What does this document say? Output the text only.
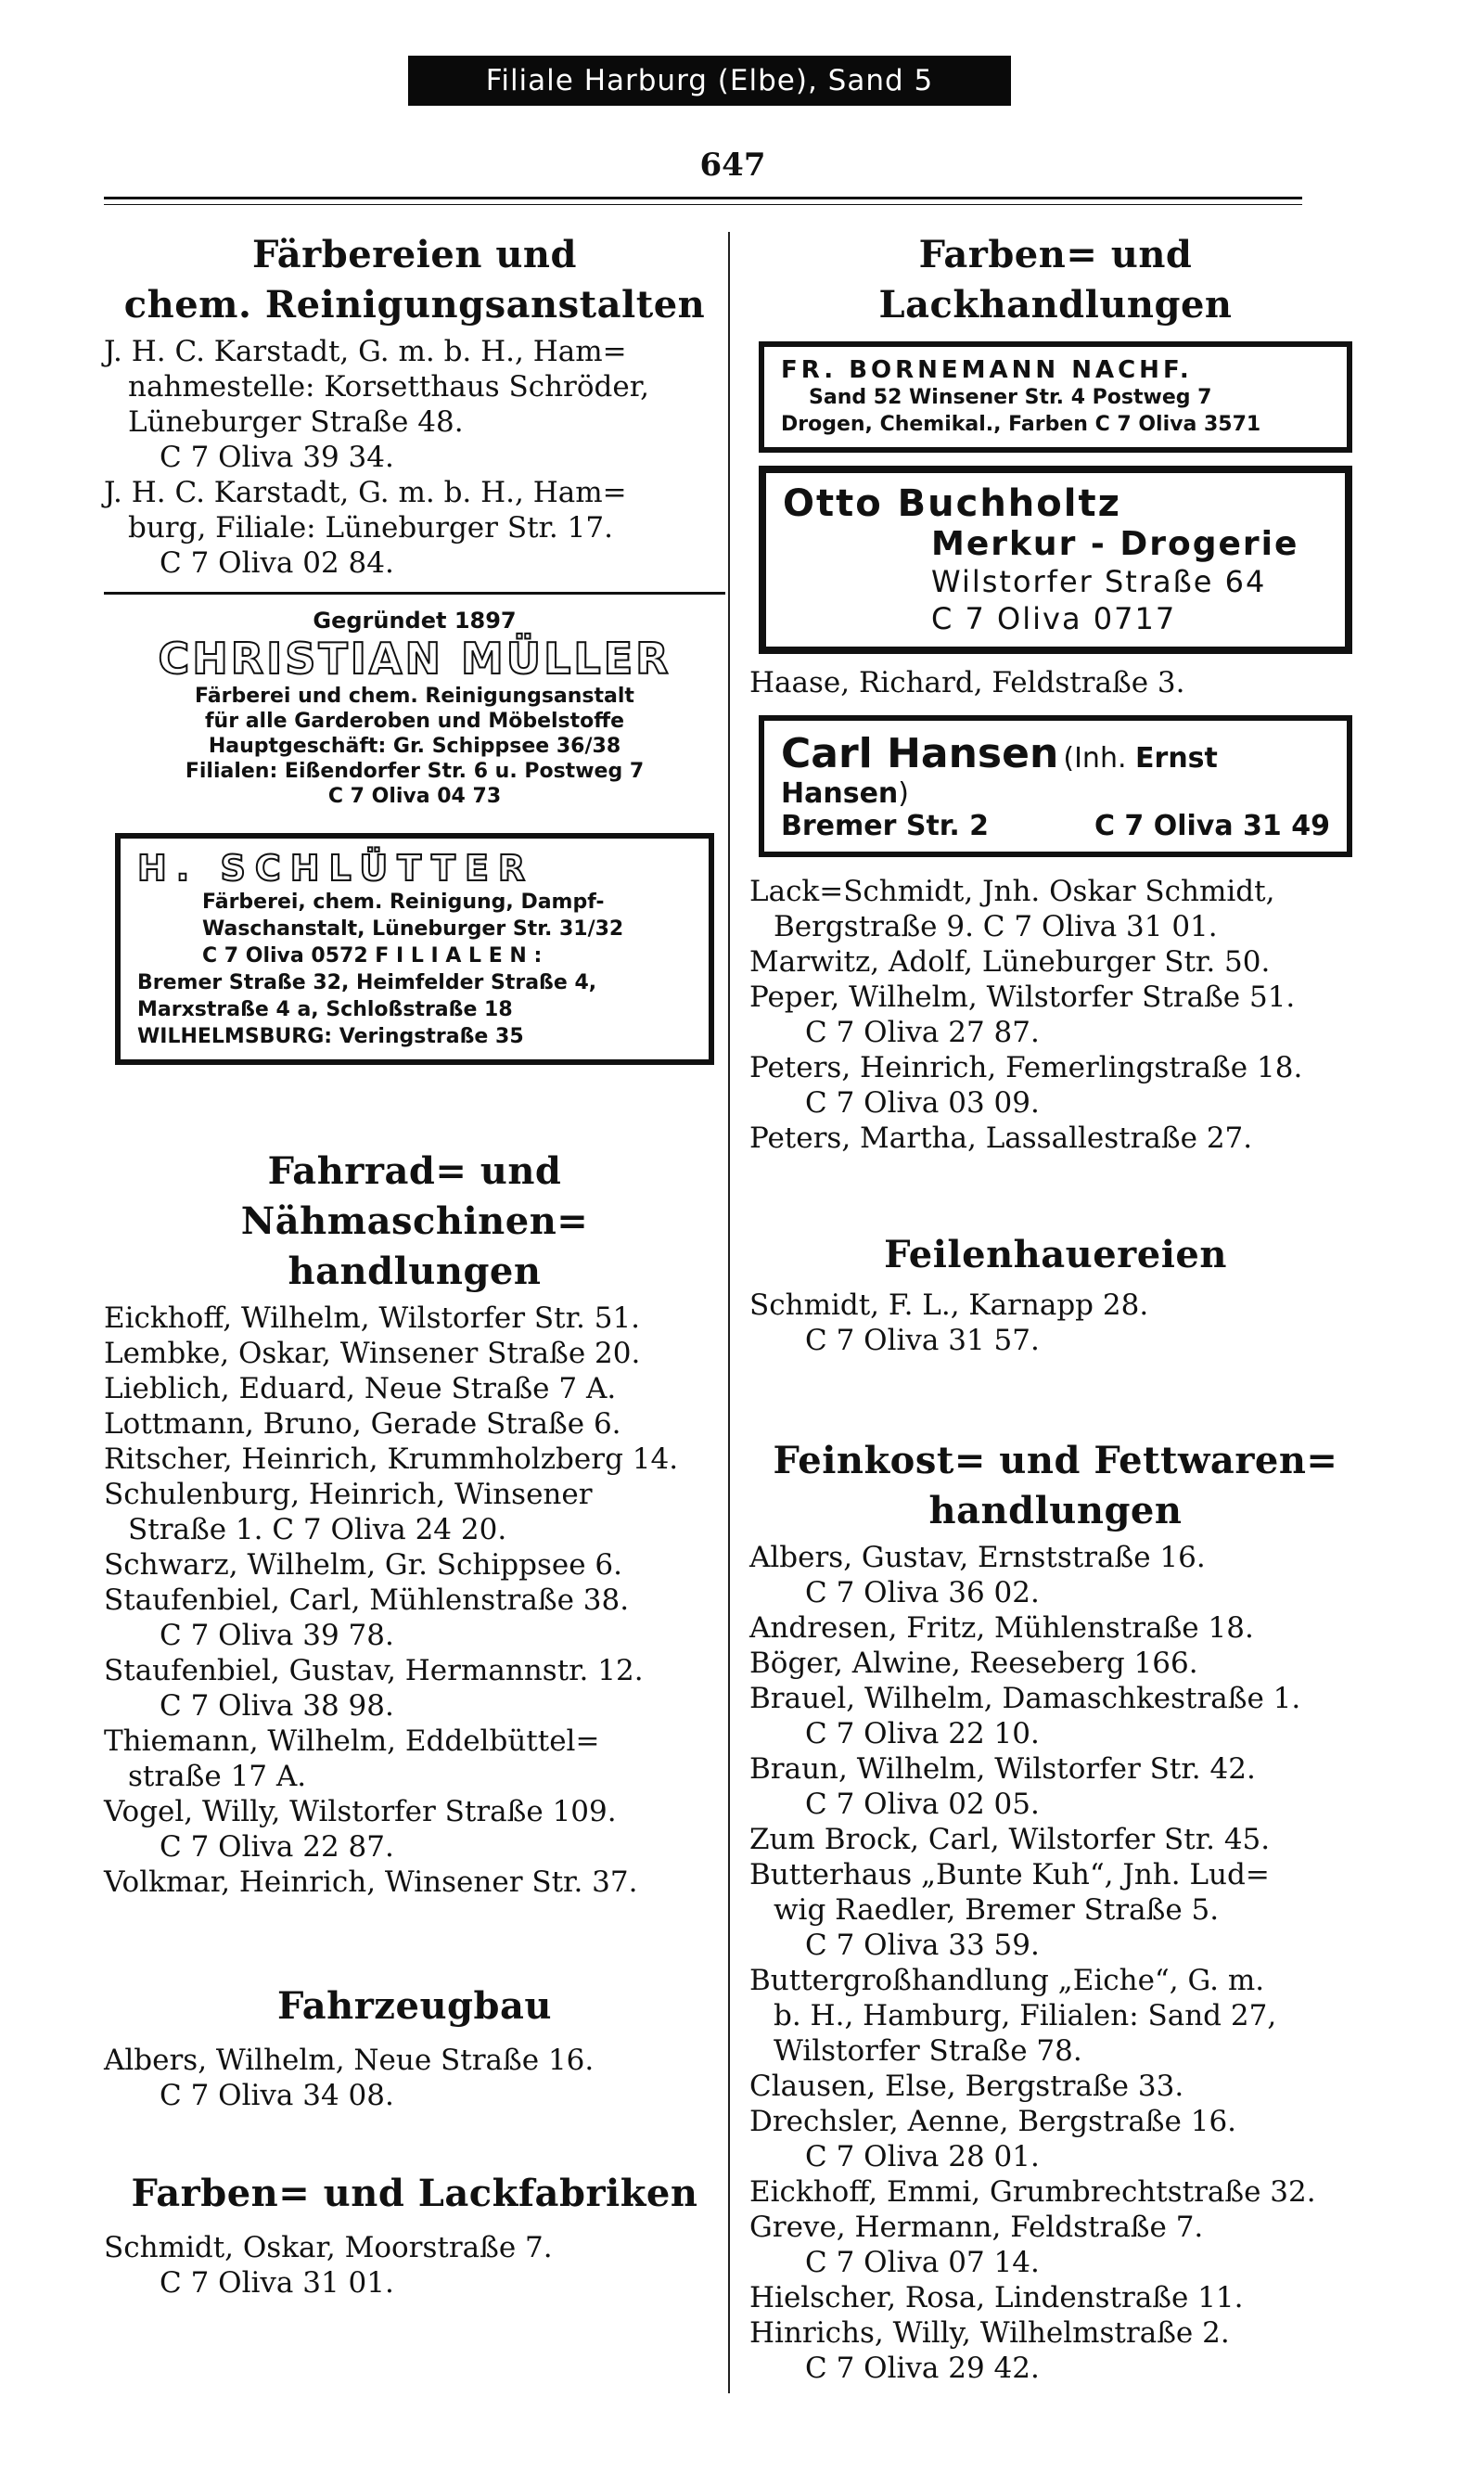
Filiale Harburg (Elbe), Sand 5
647

Färbereien und

chem. Reinigungsanstalten

J. H. C. Karstadt, G. m. b. H., Ham=
nahmestelle: Korsetthaus Schröder,
Lüneburger Straße 48.

C 7 Oliva 39 34.

J. H. C. Karstadt, G. m. b. H., Ham=
burg, Filiale: Lüneburger Str. 17.

C 7 Oliva 02 84.

Gegründet 1897
CHRISTIAN MÜLLER
Färberei und chem. Reinigungsanstalt
für alle Garderoben und Möbelstoffe
Hauptgeschäft: Gr. Schippsee 36/38
Filialen: Eißendorfer Str. 6 u. Postweg 7
C 7 Oliva 04 73
H. SCHLÜTTER
Färberei, chem. Reinigung, Dampf-
Waschanstalt, Lüneburger Str. 31/32
C 7 Oliva 0572 F I L I A L E N :
Bremer Straße 32, Heimfelder Straße 4,
Marxstraße 4 a, Schloßstraße 18
WILHELMSBURG: Veringstraße 35

Fahrrad= und Nähmaschinen=

handlungen

Eickhoff, Wilhelm, Wilstorfer Str. 51.

Lembke, Oskar, Winsener Straße 20.

Lieblich, Eduard, Neue Straße 7 A.

Lottmann, Bruno, Gerade Straße 6.

Ritscher, Heinrich, Krummholzberg 14.

Schulenburg, Heinrich, Winsener
Straße 1. C 7 Oliva 24 20.

Schwarz, Wilhelm, Gr. Schippsee 6.

Staufenbiel, Carl, Mühlenstraße 38.

C 7 Oliva 39 78.

Staufenbiel, Gustav, Hermannstr. 12.

C 7 Oliva 38 98.

Thiemann, Wilhelm, Eddelbüttel=
straße 17 A.

Vogel, Willy, Wilstorfer Straße 109.

C 7 Oliva 22 87.

Volkmar, Heinrich, Winsener Str. 37.

Fahrzeugbau

Albers, Wilhelm, Neue Straße 16.

C 7 Oliva 34 08.

Farben= und Lackfabriken

Schmidt, Oskar, Moorstraße 7.

C 7 Oliva 31 01.

Farben= und Lackhandlungen

FR. BORNEMANN NACHF.
Sand 52 Winsener Str. 4 Postweg 7
Drogen, Chemikal., Farben C 7 Oliva 3571
Otto Buchholtz
Merkur - Drogerie
Wilstorfer Straße 64
C 7 Oliva 0717

Haase, Richard, Feldstraße 3.

Carl Hansen (Inh. Ernst Hansen)
Bremer Str. 2	C 7 Oliva 31 49
Lack=Schmidt, Jnh. Oskar Schmidt,
Bergstraße 9. C 7 Oliva 31 01.

Marwitz, Adolf, Lüneburger Str. 50.

Peper, Wilhelm, Wilstorfer Straße 51.

C 7 Oliva 27 87.

Peters, Heinrich, Femerlingstraße 18.

C 7 Oliva 03 09.

Peters, Martha, Lassallestraße 27.

Feilenhauereien

Schmidt, F. L., Karnapp 28.

C 7 Oliva 31 57.

Feinkost= und Fettwaren=

handlungen

Albers, Gustav, Ernststraße 16.

C 7 Oliva 36 02.

Andresen, Fritz, Mühlenstraße 18.

Böger, Alwine, Reeseberg 166.

Brauel, Wilhelm, Damaschkestraße 1.

C 7 Oliva 22 10.

Braun, Wilhelm, Wilstorfer Str. 42.

C 7 Oliva 02 05.

Zum Brock, Carl, Wilstorfer Str. 45.

Butterhaus „Bunte Kuh“, Jnh. Lud=
wig Raedler, Bremer Straße 5.

C 7 Oliva 33 59.

Buttergroßhandlung „Eiche“, G. m.
b. H., Hamburg, Filialen: Sand 27,
Wilstorfer Straße 78.

Clausen, Else, Bergstraße 33.

Drechsler, Aenne, Bergstraße 16.

C 7 Oliva 28 01.

Eickhoff, Emmi, Grumbrechtstraße 32.

Greve, Hermann, Feldstraße 7.

C 7 Oliva 07 14.

Hielscher, Rosa, Lindenstraße 11.

Hinrichs, Willy, Wilhelmstraße 2.

C 7 Oliva 29 42.
